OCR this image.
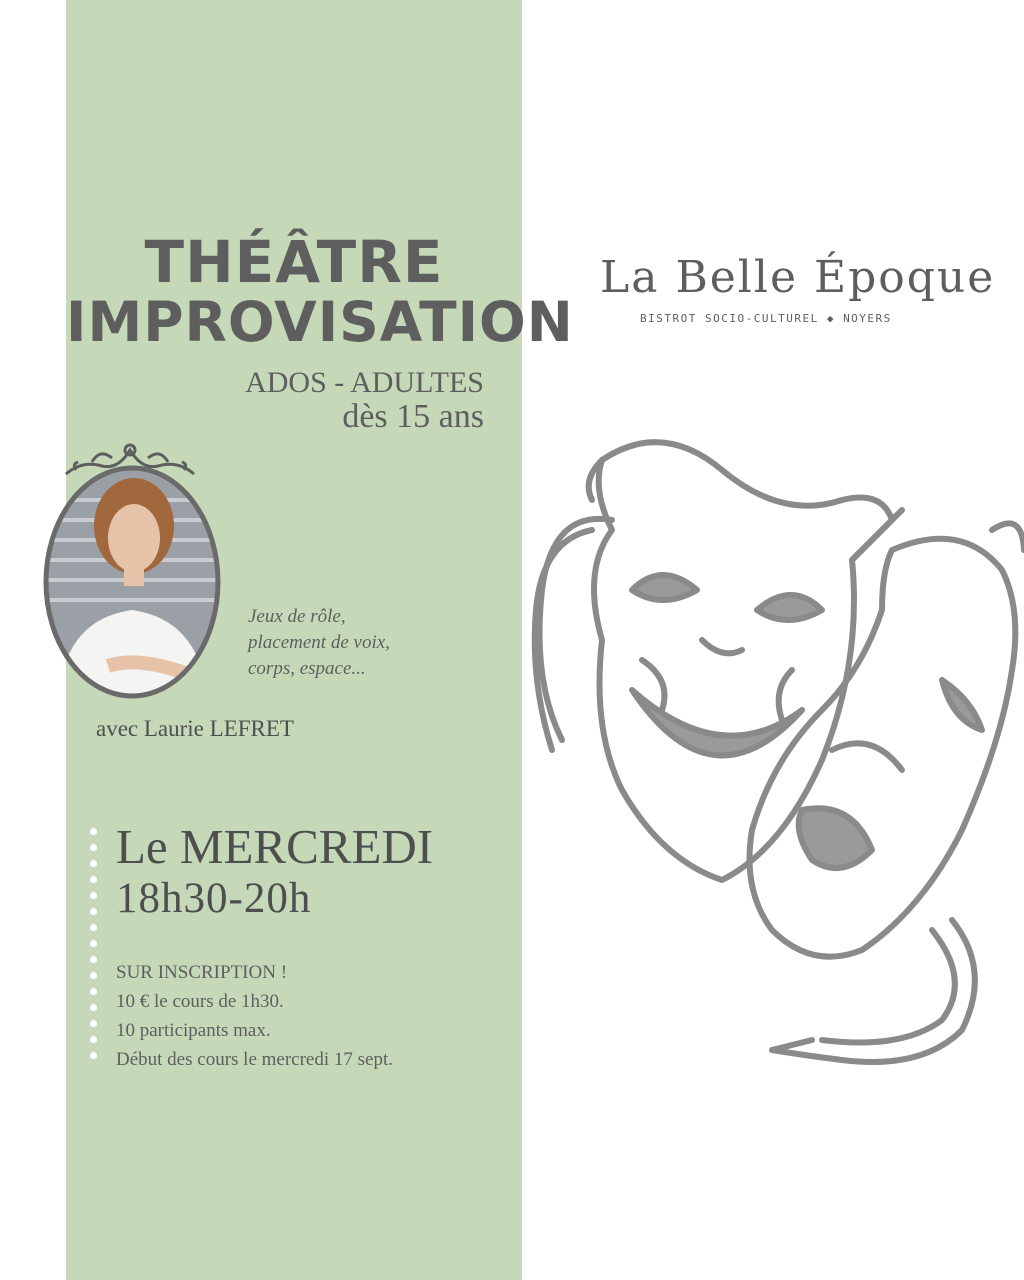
THÉÂTRE
IMPROVISATION
ADOS - ADULTES
dès 15 ans
Jeux de rôle,
placement de voix,
corps, espace...
avec Laurie LEFRET
Le MERCREDI
18h30-20h
SUR INSCRIPTION !
10 € le cours de 1h30.
10 participants max.
Début des cours le mercredi 17 sept.
La Belle Époque
BISTROT SOCIO-CULTUREL ◆ NOYERS
